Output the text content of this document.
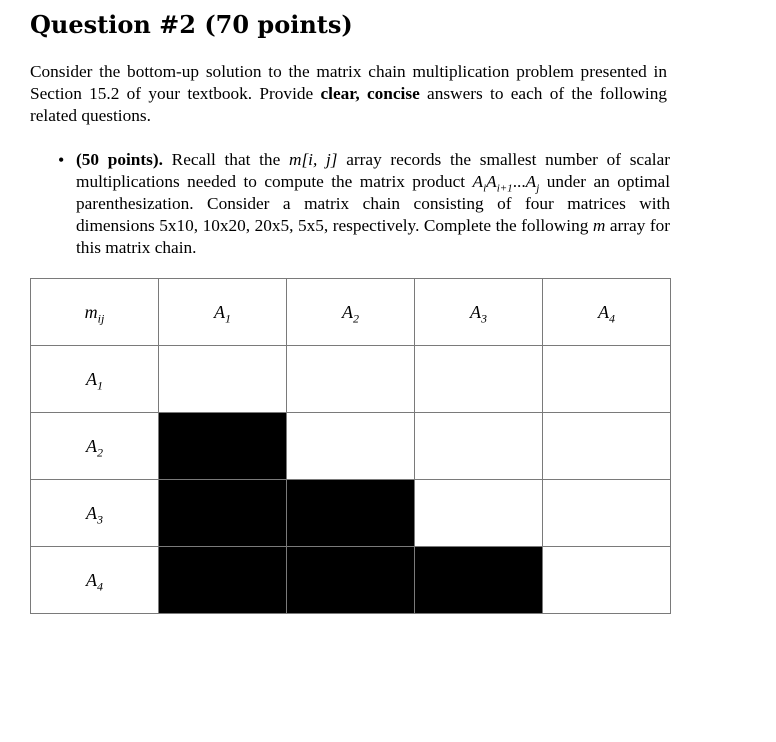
Question #2 (70 points)
Consider the bottom-up solution to the matrix chain multiplication problem presented in Section 15.2 of your textbook. Provide clear, concise answers to each of the following related questions.
• (50 points). Recall that the m[i, j] array records the smallest number of scalar multiplications needed to compute the matrix product $A_iA_{i+1}...A_j$ under an optimal parenthesization. Consider a matrix chain consisting of four matrices with dimensions 5x10, 10x20, 20x5, 5x5, respectively. Complete the following m array for this matrix chain.
$m_{ij}$	$A_1$	$A_2$	$A_3$	$A_4$
$A_1$				
$A_2$				
$A_3$				
$A_4$				
